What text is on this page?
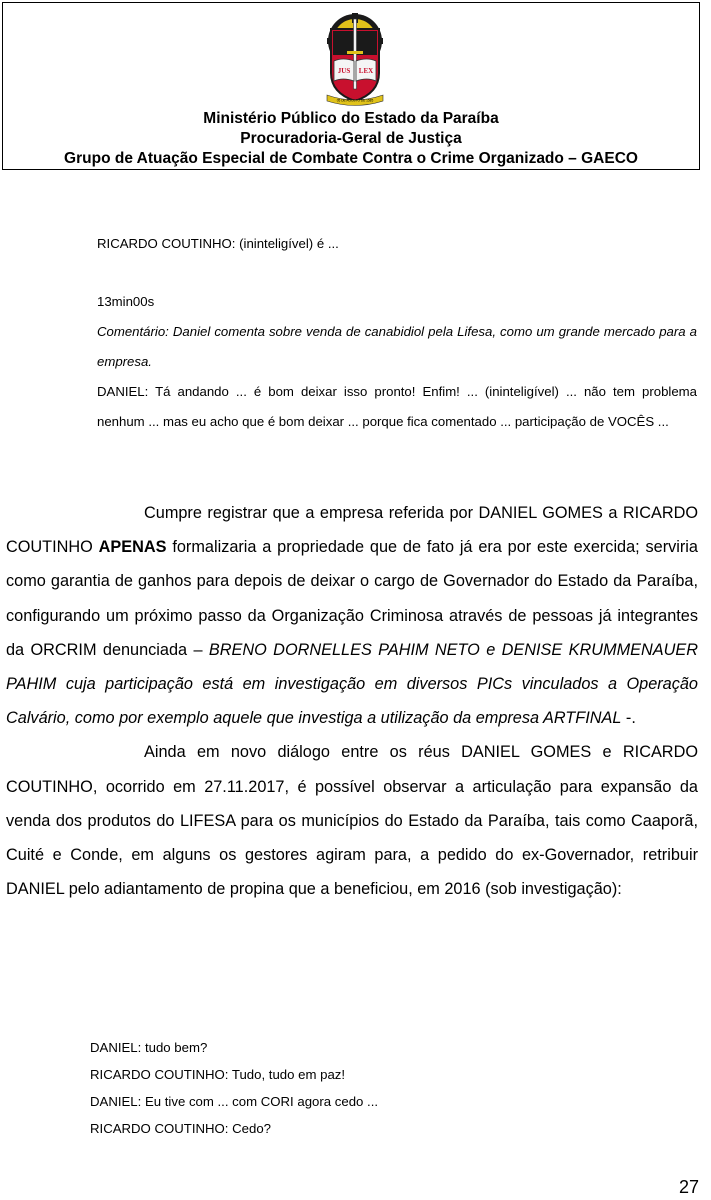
JUS LEX
05 DE AGOSTO DE 1585
Ministério Público do Estado da Paraíba
Procuradoria-Geral de Justiça
Grupo de Atuação Especial de Combate Contra o Crime Organizado – GAECO

RICARDO COUTINHO: (ininteligível) é ...

13min00s

Comentário: Daniel comenta sobre venda de canabidiol pela Lifesa, como um grande mercado para a empresa.

DANIEL: Tá andando ... é bom deixar isso pronto! Enfim! ... (ininteligível) ... não tem problema nenhum ... mas eu acho que é bom deixar ... porque fica comentado ... participação de VOCÊS ...

Cumpre registrar que a empresa referida por DANIEL GOMES a RICARDO COUTINHO APENAS formalizaria a propriedade que de fato já era por este exercida; serviria como garantia de ganhos para depois de deixar o cargo de Governador do Estado da Paraíba, configurando um próximo passo da Organização Criminosa através de pessoas já integrantes da ORCRIM denunciada – BRENO DORNELLES PAHIM NETO e DENISE KRUMMENAUER PAHIM cuja participação está em investigação em diversos PICs vinculados a Operação Calvário, como por exemplo aquele que investiga a utilização da empresa ARTFINAL -.

Ainda em novo diálogo entre os réus DANIEL GOMES e RICARDO COUTINHO, ocorrido em 27.11.2017, é possível observar a articulação para expansão da venda dos produtos do LIFESA para os municípios do Estado da Paraíba, tais como Caaporã, Cuité e Conde, em alguns os gestores agiram para, a pedido do ex-Governador, retribuir DANIEL pelo adiantamento de propina que a beneficiou, em 2016 (sob investigação):

DANIEL: tudo bem?
RICARDO COUTINHO: Tudo, tudo em paz!
DANIEL: Eu tive com ... com CORI agora cedo ...
RICARDO COUTINHO: Cedo?
27
